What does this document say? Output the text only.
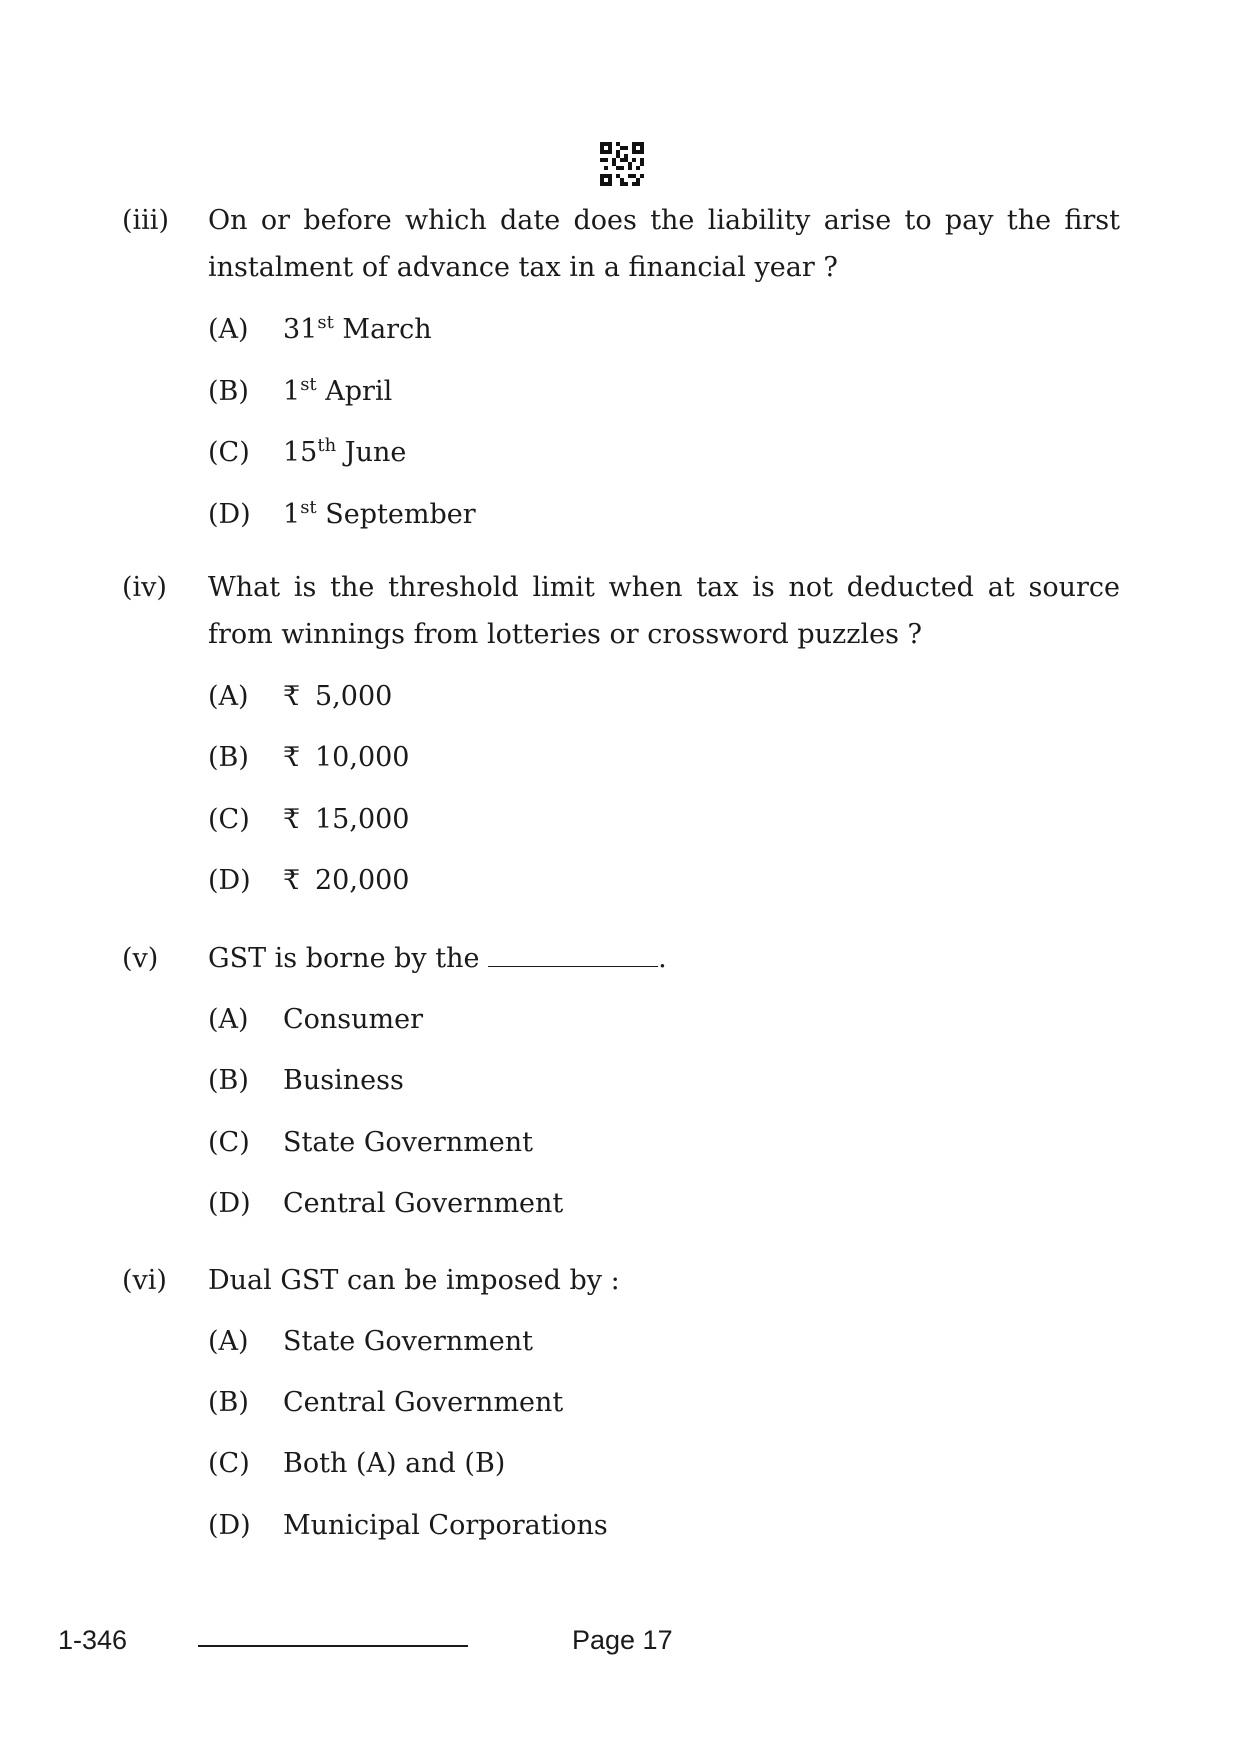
(iii) On or before which date does the liability arise to pay the first instalment of advance tax in a financial year ?
(A) 31st March
(B) 1st April
(C) 15th June
(D) 1st September
(iv) What is the threshold limit when tax is not deducted at source from winnings from lotteries or crossword puzzles ?
(A) ₹ 5,000
(B) ₹ 10,000
(C) ₹ 15,000
(D) ₹ 20,000
(v) GST is borne by the	.
(A) Consumer
(B) Business
(C) State Government
(D) Central Government
(vi) Dual GST can be imposed by :
(A) State Government
(B) Central Government
(C) Both (A) and (B)
(D) Municipal Corporations
1-346	Page 17
